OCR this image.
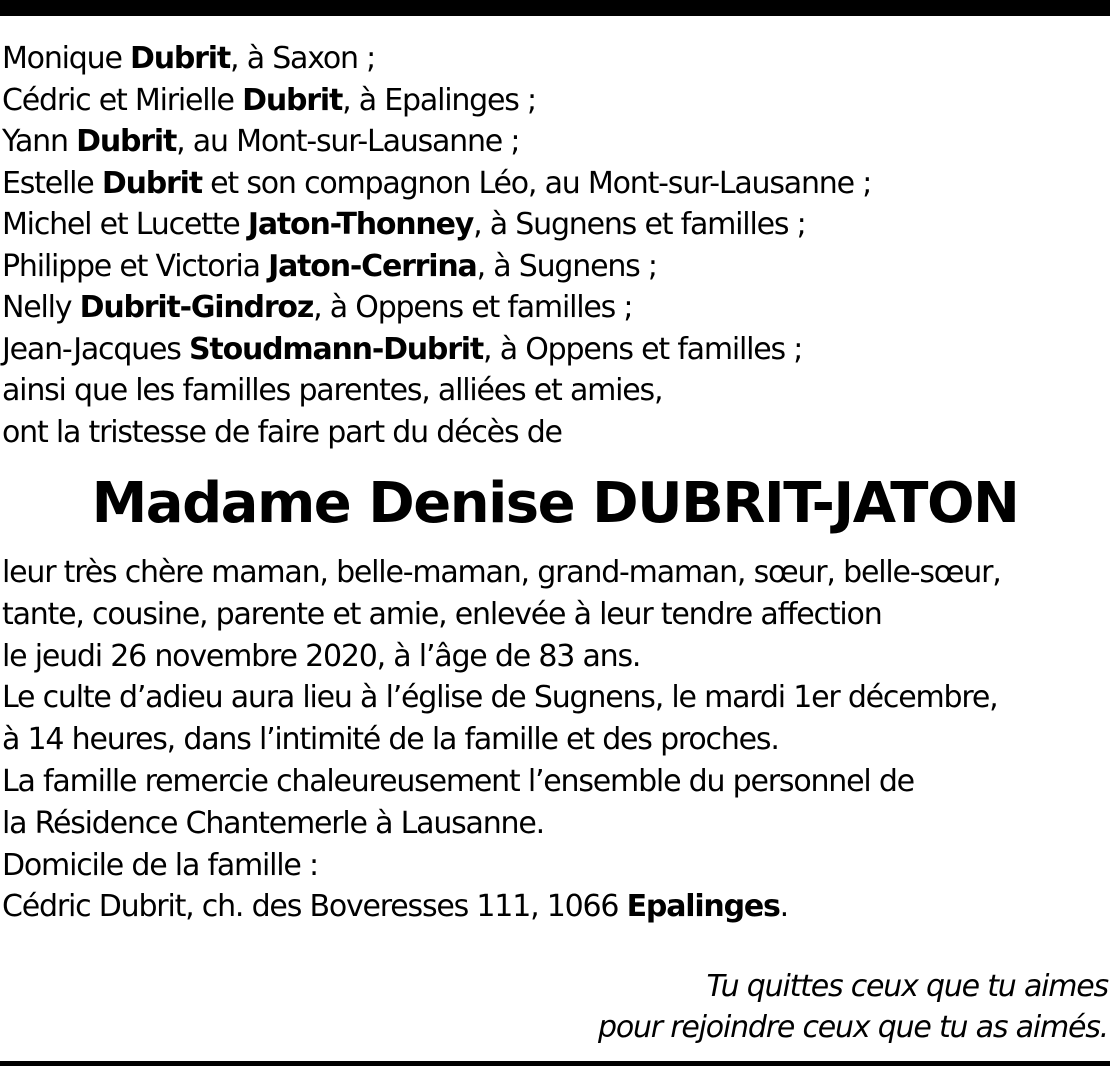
Monique Dubrit, à Saxon ;
Cédric et Mirielle Dubrit, à Epalinges ;
Yann Dubrit, au Mont-sur-Lausanne ;
Estelle Dubrit et son compagnon Léo, au Mont-sur-Lausanne ;
Michel et Lucette Jaton-Thonney, à Sugnens et familles ;
Philippe et Victoria Jaton-Cerrina, à Sugnens ;
Nelly Dubrit-Gindroz, à Oppens et familles ;
Jean-Jacques Stoudmann-Dubrit, à Oppens et familles ;
ainsi que les familles parentes, alliées et amies,
ont la tristesse de faire part du décès de
Madame Denise DUBRIT-JATON
leur très chère maman, belle-maman, grand-maman, sœur, belle-sœur,
tante, cousine, parente et amie, enlevée à leur tendre affection
le jeudi 26 novembre 2020, à l’âge de 83 ans.
Le culte d’adieu aura lieu à l’église de Sugnens, le mardi 1er décembre,
à 14 heures, dans l’intimité de la famille et des proches.
La famille remercie chaleureusement l’ensemble du personnel de
la Résidence Chantemerle à Lausanne.
Domicile de la famille :
Cédric Dubrit, ch. des Boveresses 111, 1066 Epalinges.
Tu quittes ceux que tu aimes
pour rejoindre ceux que tu as aimés.
